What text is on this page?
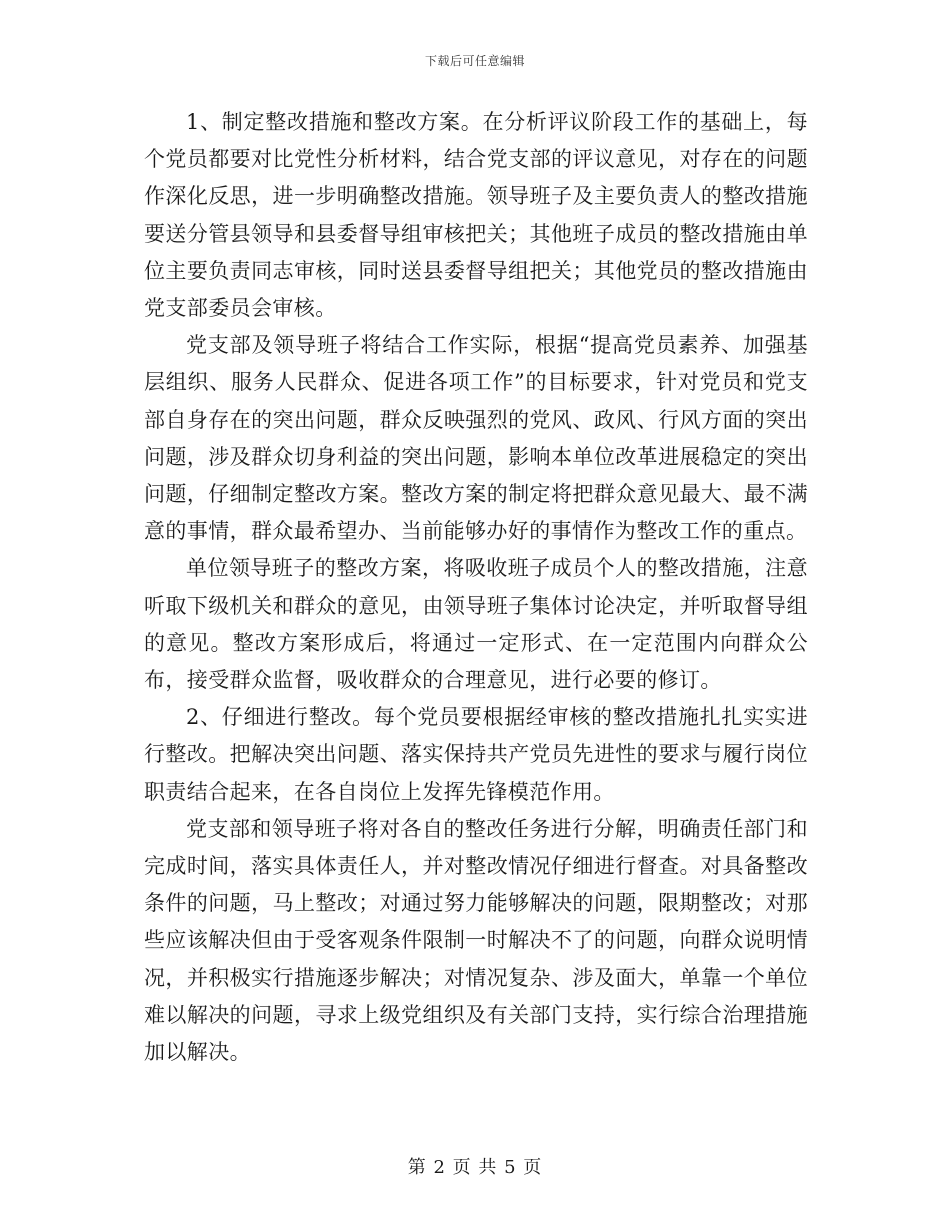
下载后可任意编辑

1、制定整改措施和整改方案。在分析评议阶段工作的基础上，每个党员都要对比党性分析材料，结合党支部的评议意见，对存在的问题作深化反思，进一步明确整改措施。领导班子及主要负责人的整改措施要送分管县领导和县委督导组审核把关；其他班子成员的整改措施由单位主要负责同志审核，同时送县委督导组把关；其他党员的整改措施由党支部委员会审核。

党支部及领导班子将结合工作实际，根据“提高党员素养、加强基层组织、服务人民群众、促进各项工作”的目标要求，针对党员和党支部自身存在的突出问题，群众反映强烈的党风、政风、行风方面的突出问题，涉及群众切身利益的突出问题，影响本单位改革进展稳定的突出问题，仔细制定整改方案。整改方案的制定将把群众意见最大、最不满意的事情，群众最希望办、当前能够办好的事情作为整改工作的重点。

单位领导班子的整改方案，将吸收班子成员个人的整改措施，注意听取下级机关和群众的意见，由领导班子集体讨论决定，并听取督导组的意见。整改方案形成后，将通过一定形式、在一定范围内向群众公布，接受群众监督，吸收群众的合理意见，进行必要的修订。

2、仔细进行整改。每个党员要根据经审核的整改措施扎扎实实进行整改。把解决突出问题、落实保持共产党员先进性的要求与履行岗位职责结合起来，在各自岗位上发挥先锋模范作用。

党支部和领导班子将对各自的整改任务进行分解，明确责任部门和完成时间，落实具体责任人，并对整改情况仔细进行督查。对具备整改条件的问题，马上整改；对通过努力能够解决的问题，限期整改；对那些应该解决但由于受客观条件限制一时解决不了的问题，向群众说明情况，并积极实行措施逐步解决；对情况复杂、涉及面大，单靠一个单位难以解决的问题，寻求上级党组织及有关部门支持，实行综合治理措施加以解决。

第 2 页 共 5 页
